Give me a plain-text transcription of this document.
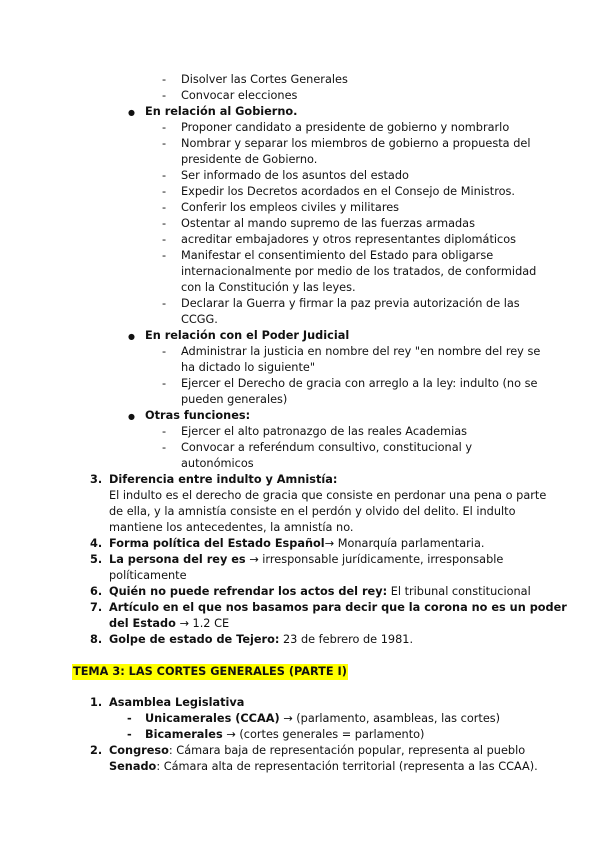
- Disolver las Cortes Generales
- Convocar elecciones
● En relación al Gobierno.
- Proponer candidato a presidente de gobierno y nombrarlo
- Nombrar y separar los miembros de gobierno a propuesta del
presidente de Gobierno.
- Ser informado de los asuntos del estado
- Expedir los Decretos acordados en el Consejo de Ministros.
- Conferir los empleos civiles y militares
- Ostentar al mando supremo de las fuerzas armadas
- acreditar embajadores y otros representantes diplomáticos
- Manifestar el consentimiento del Estado para obligarse
internacionalmente por medio de los tratados, de conformidad
con la Constitución y las leyes.
- Declarar la Guerra y firmar la paz previa autorización de las
CCGG.
● En relación con el Poder Judicial
- Administrar la justicia en nombre del rey "en nombre del rey se
ha dictado lo siguiente"
- Ejercer el Derecho de gracia con arreglo a la ley: indulto (no se
pueden generales)
● Otras funciones:
- Ejercer el alto patronazgo de las reales Academias
- Convocar a referéndum consultivo, constitucional y
autonómicos
3. Diferencia entre indulto y Amnistía:
El indulto es el derecho de gracia que consiste en perdonar una pena o parte
de ella, y la amnistía consiste en el perdón y olvido del delito. El indulto
mantiene los antecedentes, la amnistía no.
4. Forma política del Estado Español→ Monarquía parlamentaria.
5. La persona del rey es → irresponsable jurídicamente, irresponsable
políticamente
6. Quién no puede refrendar los actos del rey: El tribunal constitucional
7. Artículo en el que nos basamos para decir que la corona no es un poder
del Estado → 1.2 CE
8. Golpe de estado de Tejero: 23 de febrero de 1981.
TEMA 3: LAS CORTES GENERALES (PARTE I)
1. Asamblea Legislativa
- Unicamerales (CCAA) → (parlamento, asambleas, las cortes)
- Bicamerales → (cortes generales = parlamento)
2. Congreso: Cámara baja de representación popular, representa al pueblo
Senado: Cámara alta de representación territorial (representa a las CCAA).
